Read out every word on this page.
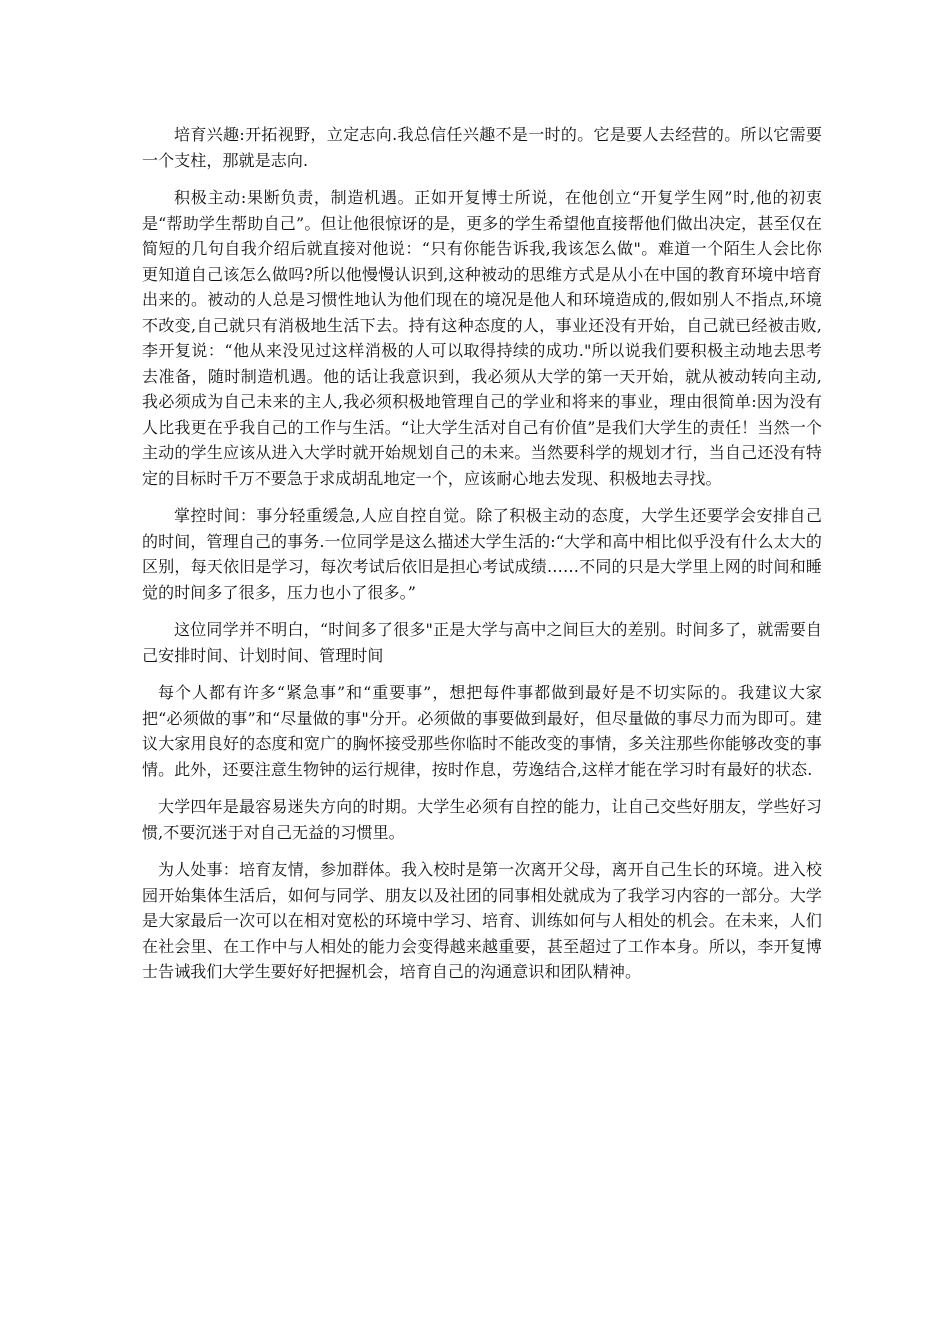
培育兴趣:开拓视野，立定志向.我总信任兴趣不是一时的。它是要人去经营的。所以它需要一个支柱，那就是志向.

积极主动:果断负责，制造机遇。正如开复博士所说，在他创立“开复学生网”时,他的初衷是“帮助学生帮助自己”。但让他很惊讶的是，更多的学生希望他直接帮他们做出决定，甚至仅在简短的几句自我介绍后就直接对他说：“只有你能告诉我,我该怎么做"。难道一个陌生人会比你更知道自己该怎么做吗?所以他慢慢认识到,这种被动的思维方式是从小在中国的教育环境中培育出来的。被动的人总是习惯性地认为他们现在的境况是他人和环境造成的,假如别人不指点,环境不改变,自己就只有消极地生活下去。持有这种态度的人，事业还没有开始，自己就已经被击败,李开复说：“他从来没见过这样消极的人可以取得持续的成功."所以说我们要积极主动地去思考去准备，随时制造机遇。他的话让我意识到，我必须从大学的第一天开始，就从被动转向主动,我必须成为自己未来的主人,我必须积极地管理自己的学业和将来的事业，理由很简单:因为没有人比我更在乎我自己的工作与生活。“让大学生活对自己有价值”是我们大学生的责任！当然一个主动的学生应该从进入大学时就开始规划自己的未来。当然要科学的规划才行，当自己还没有特定的目标时千万不要急于求成胡乱地定一个，应该耐心地去发现、积极地去寻找。

掌控时间：事分轻重缓急,人应自控自觉。除了积极主动的态度，大学生还要学会安排自己的时间，管理自己的事务.一位同学是这么描述大学生活的:“大学和高中相比似乎没有什么太大的区别，每天依旧是学习，每次考试后依旧是担心考试成绩……不同的只是大学里上网的时间和睡觉的时间多了很多，压力也小了很多。”

这位同学并不明白，“时间多了很多"正是大学与高中之间巨大的差别。时间多了，就需要自己安排时间、计划时间、管理时间

每个人都有许多“紧急事”和“重要事”，想把每件事都做到最好是不切实际的。我建议大家把“必须做的事”和“尽量做的事"分开。必须做的事要做到最好，但尽量做的事尽力而为即可。建议大家用良好的态度和宽广的胸怀接受那些你临时不能改变的事情，多关注那些你能够改变的事情。此外，还要注意生物钟的运行规律，按时作息，劳逸结合,这样才能在学习时有最好的状态.

大学四年是最容易迷失方向的时期。大学生必须有自控的能力，让自己交些好朋友，学些好习惯,不要沉迷于对自己无益的习惯里。

为人处事：培育友情，参加群体。我入校时是第一次离开父母，离开自己生长的环境。进入校园开始集体生活后，如何与同学、朋友以及社团的同事相处就成为了我学习内容的一部分。大学是大家最后一次可以在相对宽松的环境中学习、培育、训练如何与人相处的机会。在未来，人们在社会里、在工作中与人相处的能力会变得越来越重要，甚至超过了工作本身。所以，李开复博士告诫我们大学生要好好把握机会，培育自己的沟通意识和团队精神。
